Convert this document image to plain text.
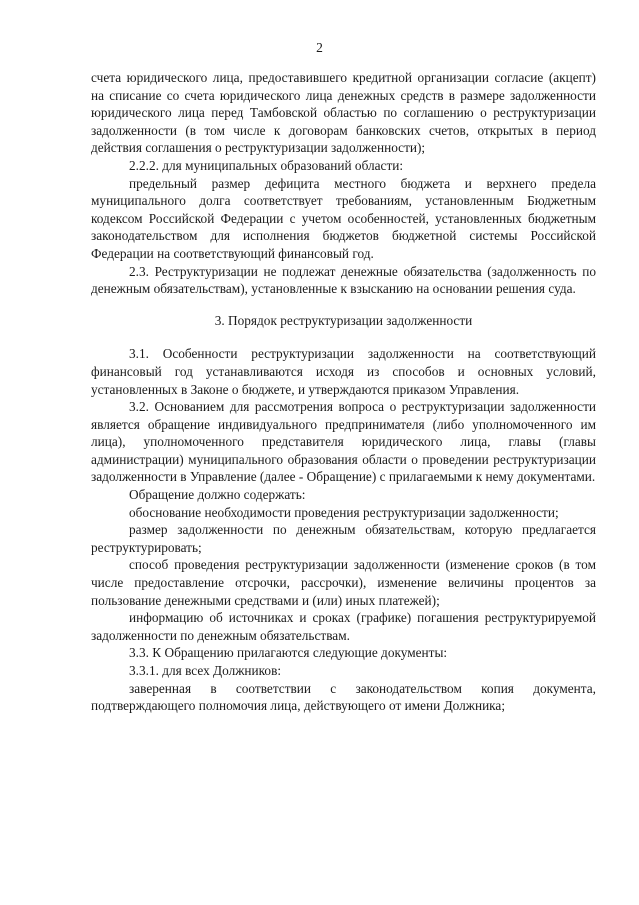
2

счета юридического лица, предоставившего кредитной организации согласие (акцепт) на списание со счета юридического лица денежных средств в размере задолженности юридического лица перед Тамбовской областью по соглашению о реструктуризации задолженности (в том числе к договорам банковских счетов, открытых в период действия соглашения о реструктуризации задолженности);

2.2.2. для муниципальных образований области:

предельный размер дефицита местного бюджета и верхнего предела муниципального долга соответствует требованиям, установленным Бюджетным кодексом Российской Федерации с учетом особенностей, установленных бюджетным законодательством для исполнения бюджетов бюджетной системы Российской Федерации на соответствующий финансовый год.

2.3. Реструктуризации не подлежат денежные обязательства (задолженность по денежным обязательствам), установленные к взысканию на основании решения суда.

3. Порядок реструктуризации задолженности

3.1. Особенности реструктуризации задолженности на соответствующий финансовый год устанавливаются исходя из способов и основных условий, установленных в Законе о бюджете, и утверждаются приказом Управления.

3.2. Основанием для рассмотрения вопроса о реструктуризации задолженности является обращение индивидуального предпринимателя (либо уполномоченного им лица), уполномоченного представителя юридического лица, главы (главы администрации) муниципального образования области о проведении реструктуризации задолженности в Управление (далее - Обращение) с прилагаемыми к нему документами.

Обращение должно содержать:

обоснование необходимости проведения реструктуризации задолженности;

размер задолженности по денежным обязательствам, которую предлагается реструктурировать;

способ проведения реструктуризации задолженности (изменение сроков (в том числе предоставление отсрочки, рассрочки), изменение величины процентов за пользование денежными средствами и (или) иных платежей);

информацию об источниках и сроках (графике) погашения реструктурируемой задолженности по денежным обязательствам.

3.3. К Обращению прилагаются следующие документы:

3.3.1. для всех Должников:

заверенная в соответствии с законодательством копия документа, подтверждающего полномочия лица, действующего от имени Должника;
